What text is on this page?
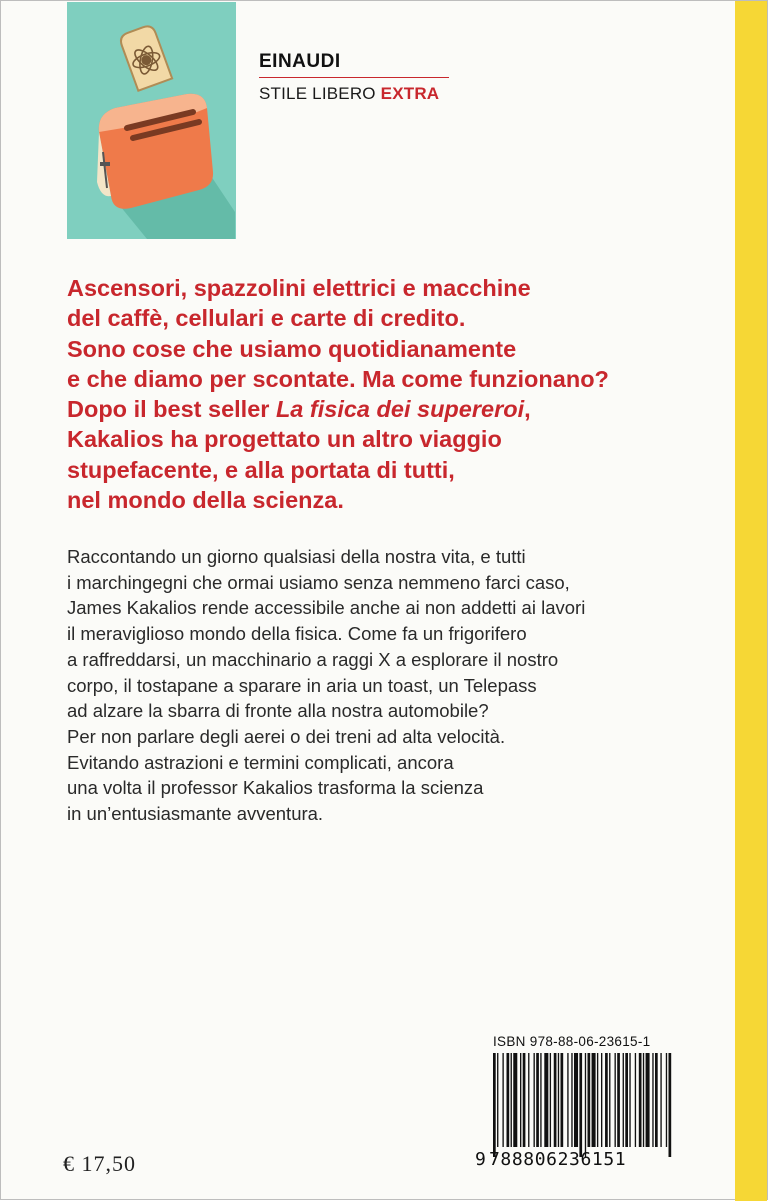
EINAUDI
STILE LIBERO EXTRA
Ascensori, spazzolini elettrici e macchine
del caffè, cellulari e carte di credito.
Sono cose che usiamo quotidianamente
e che diamo per scontate. Ma come funzionano?
Dopo il best seller La fisica dei supereroi,
Kakalios ha progettato un altro viaggio
stupefacente, e alla portata di tutti,
nel mondo della scienza.
Raccontando un giorno qualsiasi della nostra vita, e tutti
i marchingegni che ormai usiamo senza nemmeno farci caso,
James Kakalios rende accessibile anche ai non addetti ai lavori
il meraviglioso mondo della fisica. Come fa un frigorifero
a raffreddarsi, un macchinario a raggi X a esplorare il nostro
corpo, il tostapane a sparare in aria un toast, un Telepass
ad alzare la sbarra di fronte alla nostra automobile?
Per non parlare degli aerei o dei treni ad alta velocità.
Evitando astrazioni e termini complicati, ancora
una volta il professor Kakalios trasforma la scienza
in un’entusiasmante avventura.
ISBN 978-88-06-23615-1
9 788806236151
€ 17,50
